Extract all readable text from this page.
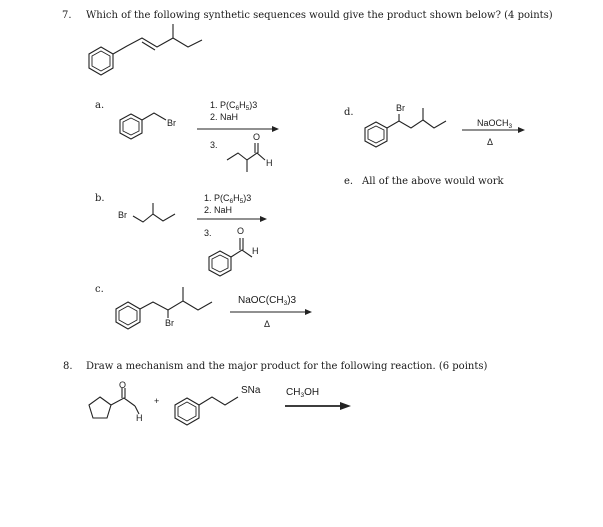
7. Which of the following synthetic sequences would give the product shown below? (4 points)
a.
Br
1. $P(C_6H_5)3$
2. NaH
3.
O
H
b.
Br
1. $P(C_6H_5)3$
2. NaH
3.	O
H
c.
Br
$NaOC(CH_3)3$
Δ
d.	Br
NaOCH$_3$
Δ
e. All of the above would work
8. Draw a mechanism and the major product for the following reaction. (6 points)
O
H
+
SNa	$CH_3OH$
